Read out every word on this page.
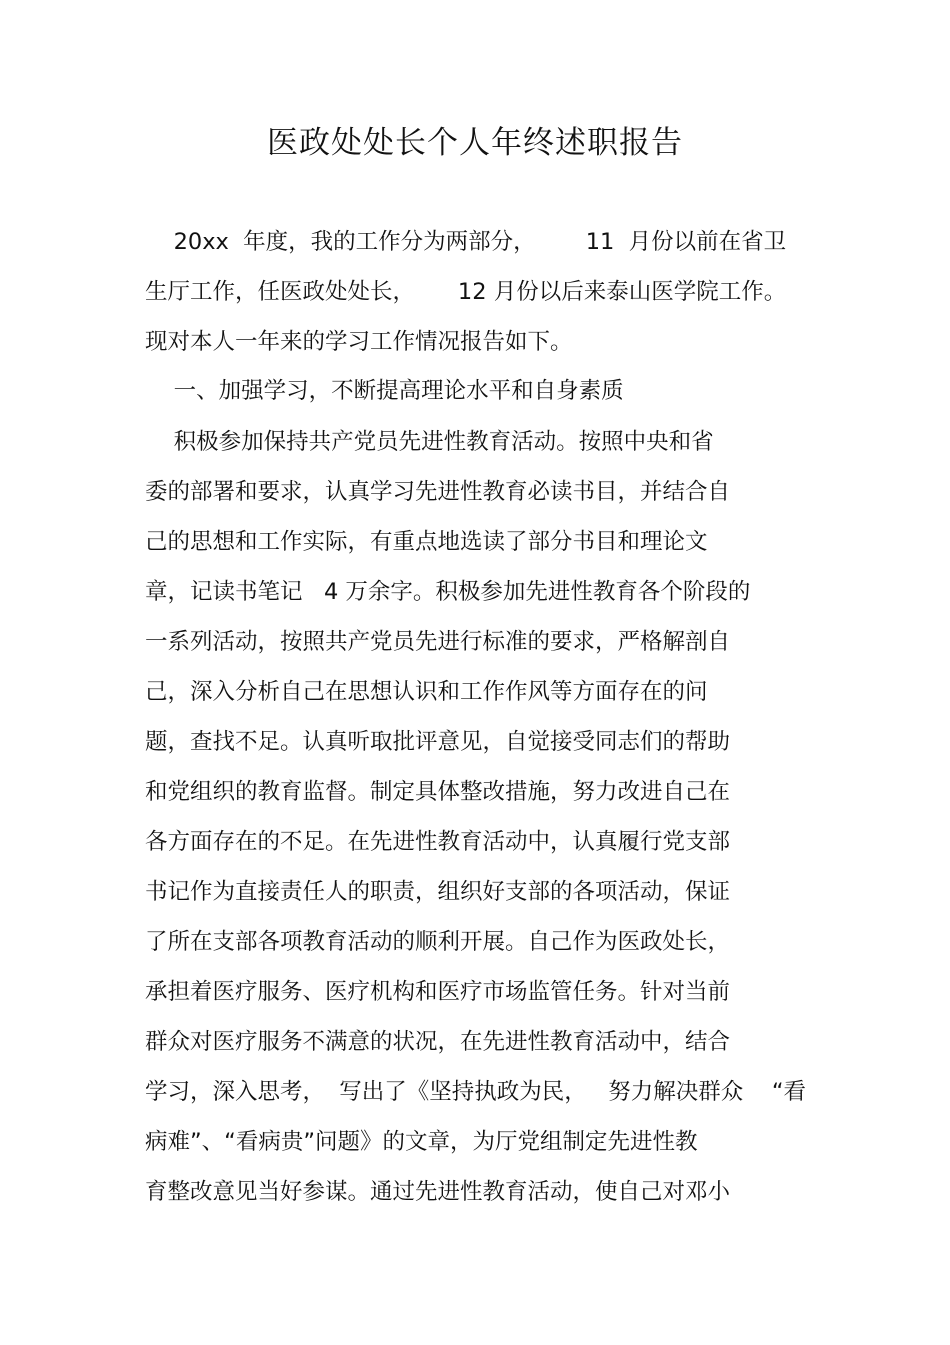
医政处处长个人年终述职报告

20xx  年度，我的工作分为两部分，       11  月份以前在省卫

生厅工作，任医政处处长，      12 月份以后来泰山医学院工作。

现对本人一年来的学习工作情况报告如下。

一、加强学习，不断提高理论水平和自身素质

积极参加保持共产党员先进性教育活动。按照中央和省

委的部署和要求，认真学习先进性教育必读书目，并结合自

己的思想和工作实际，有重点地选读了部分书目和理论文

章，记读书笔记   4 万余字。积极参加先进性教育各个阶段的

一系列活动，按照共产党员先进行标准的要求，严格解剖自

己，深入分析自己在思想认识和工作作风等方面存在的问

题，查找不足。认真听取批评意见，自觉接受同志们的帮助

和党组织的教育监督。制定具体整改措施，努力改进自己在

各方面存在的不足。在先进性教育活动中，认真履行党支部

书记作为直接责任人的职责，组织好支部的各项活动，保证

了所在支部各项教育活动的顺利开展。自己作为医政处长，

承担着医疗服务、医疗机构和医疗市场监管任务。针对当前

群众对医疗服务不满意的状况，在先进性教育活动中，结合

学习，深入思考，  写出了《坚持执政为民，   努力解决群众    “看

病难”、“看病贵”问题》的文章，为厅党组制定先进性教

育整改意见当好参谋。通过先进性教育活动，使自己对邓小
